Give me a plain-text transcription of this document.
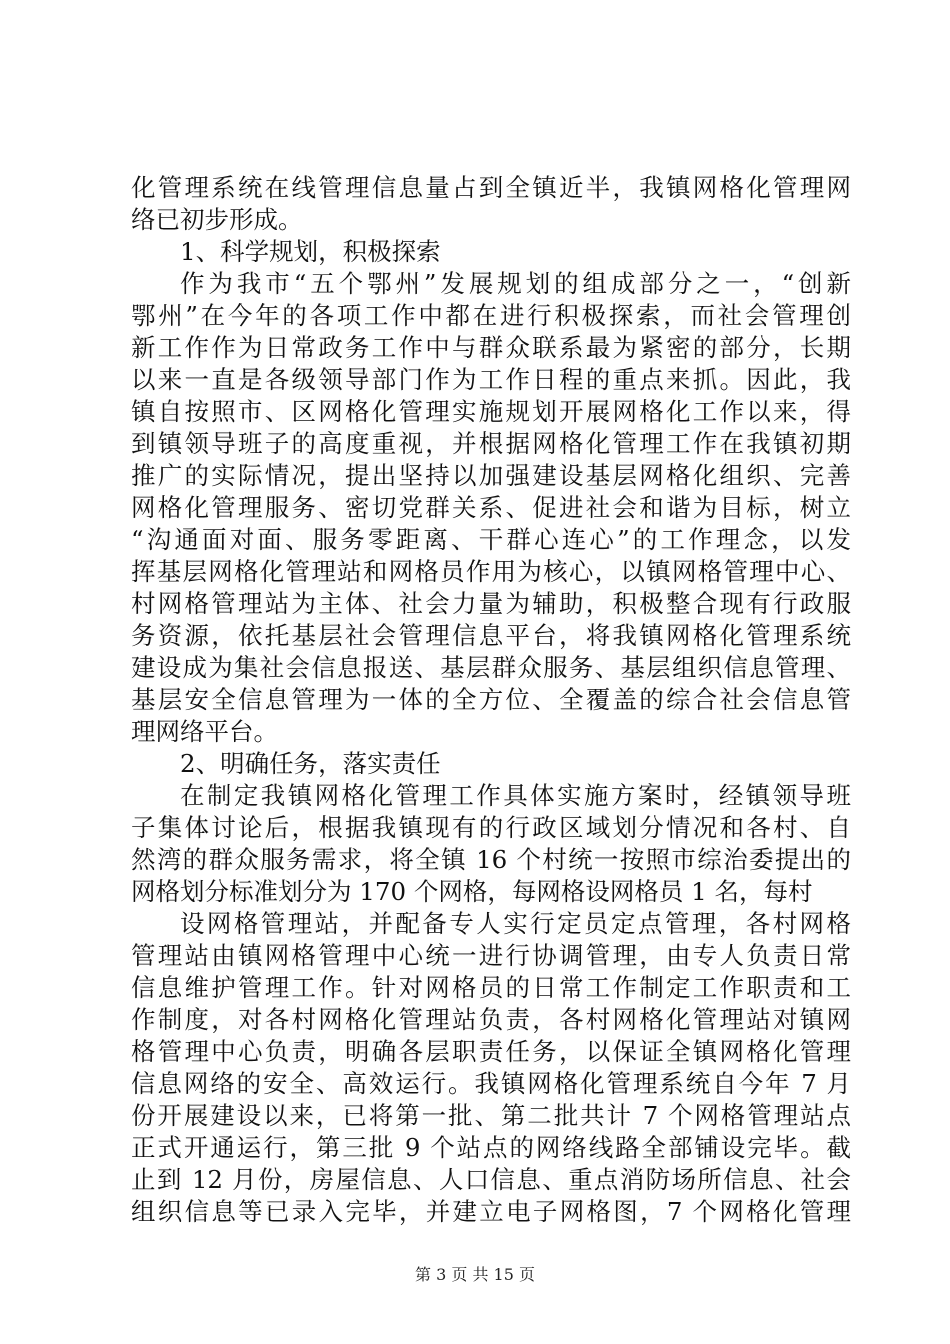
化管理系统在线管理信息量占到全镇近半，我镇网格化管理网
络已初步形成。
1、科学规划，积极探索
作为我市“五个鄂州”发展规划的组成部分之一，“创新
鄂州”在今年的各项工作中都在进行积极探索，而社会管理创
新工作作为日常政务工作中与群众联系最为紧密的部分，长期
以来一直是各级领导部门作为工作日程的重点来抓。因此，我
镇自按照市、区网格化管理实施规划开展网格化工作以来，得
到镇领导班子的高度重视，并根据网格化管理工作在我镇初期
推广的实际情况，提出坚持以加强建设基层网格化组织、完善
网格化管理服务、密切党群关系、促进社会和谐为目标，树立
“沟通面对面、服务零距离、干群心连心”的工作理念，以发
挥基层网格化管理站和网格员作用为核心，以镇网格管理中心、
村网格管理站为主体、社会力量为辅助，积极整合现有行政服
务资源，依托基层社会管理信息平台，将我镇网格化管理系统
建设成为集社会信息报送、基层群众服务、基层组织信息管理、
基层安全信息管理为一体的全方位、全覆盖的综合社会信息管
理网络平台。
2、明确任务，落实责任
在制定我镇网格化管理工作具体实施方案时，经镇领导班
子集体讨论后，根据我镇现有的行政区域划分情况和各村、自
然湾的群众服务需求，将全镇 16 个村统一按照市综治委提出的
网格划分标准划分为 170 个网格，每网格设网格员 1 名，每村
设网格管理站，并配备专人实行定员定点管理，各村网格
管理站由镇网格管理中心统一进行协调管理，由专人负责日常
信息维护管理工作。针对网格员的日常工作制定工作职责和工
作制度，对各村网格化管理站负责，各村网格化管理站对镇网
格管理中心负责，明确各层职责任务，以保证全镇网格化管理
信息网络的安全、高效运行。我镇网格化管理系统自今年 7 月
份开展建设以来，已将第一批、第二批共计 7 个网格管理站点
正式开通运行，第三批 9 个站点的网络线路全部铺设完毕。截
止到 12 月份，房屋信息、人口信息、重点消防场所信息、社会
组织信息等已录入完毕，并建立电子网格图，7 个网格化管理
第 3 页 共 15 页
